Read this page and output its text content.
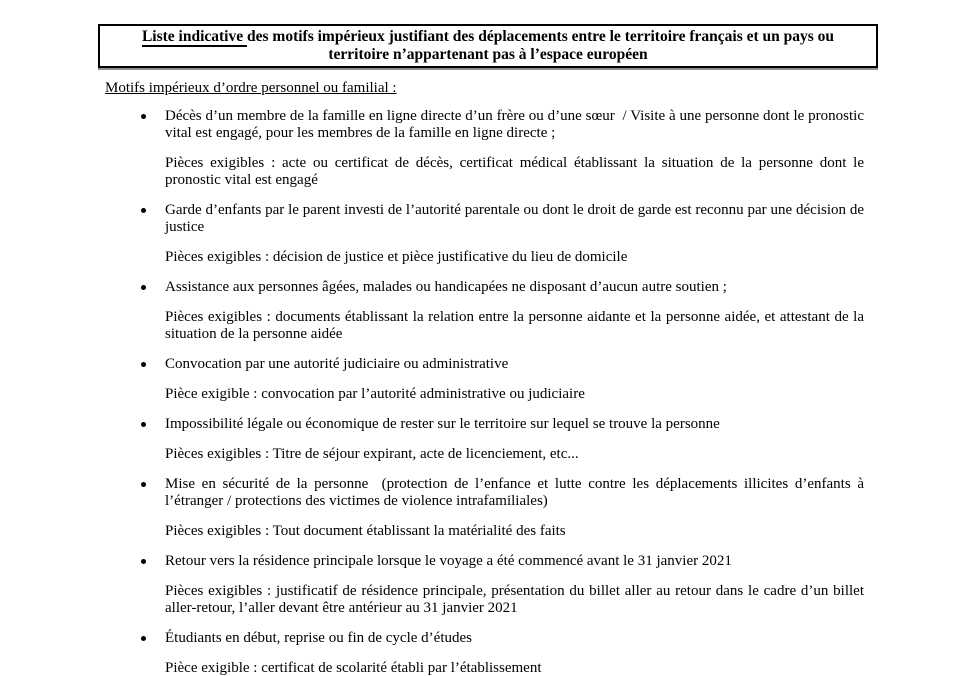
Liste indicative des motifs impérieux justifiant des déplacements entre le territoire français et un pays ou territoire n’appartenant pas à l’espace européen
Motifs impérieux d’ordre personnel ou familial :

Décès d’un membre de la famille en ligne directe d’un frère ou d’une sœur  / Visite à une personne dont le pronostic vital est engagé, pour les membres de la famille en ligne directe ;

Pièces exigibles : acte ou certificat de décès, certificat médical établissant la situation de la personne dont le pronostic vital est engagé

Garde d’enfants par le parent investi de l’autorité parentale ou dont le droit de garde est reconnu par une décision de justice

Pièces exigibles : décision de justice et pièce justificative du lieu de domicile

Assistance aux personnes âgées, malades ou handicapées ne disposant d’aucun autre soutien ;

Pièces exigibles : documents établissant la relation entre la personne aidante et la personne aidée, et attestant de la situation de la personne aidée

Convocation par une autorité judiciaire ou administrative

Pièce exigible : convocation par l’autorité administrative ou judiciaire

Impossibilité légale ou économique de rester sur le territoire sur lequel se trouve la personne

Pièces exigibles : Titre de séjour expirant, acte de licenciement, etc...

Mise en sécurité de la personne  (protection de l’enfance et lutte contre les déplacements illicites d’enfants à l’étranger / protections des victimes de violence intrafamiliales)

Pièces exigibles : Tout document établissant la matérialité des faits

Retour vers la résidence principale lorsque le voyage a été commencé avant le 31 janvier 2021

Pièces exigibles : justificatif de résidence principale, présentation du billet aller au retour dans le cadre d’un billet aller-retour, l’aller devant être antérieur au 31 janvier 2021

Étudiants en début, reprise ou fin de cycle d’études

Pièce exigible : certificat de scolarité établi par l’établissement
